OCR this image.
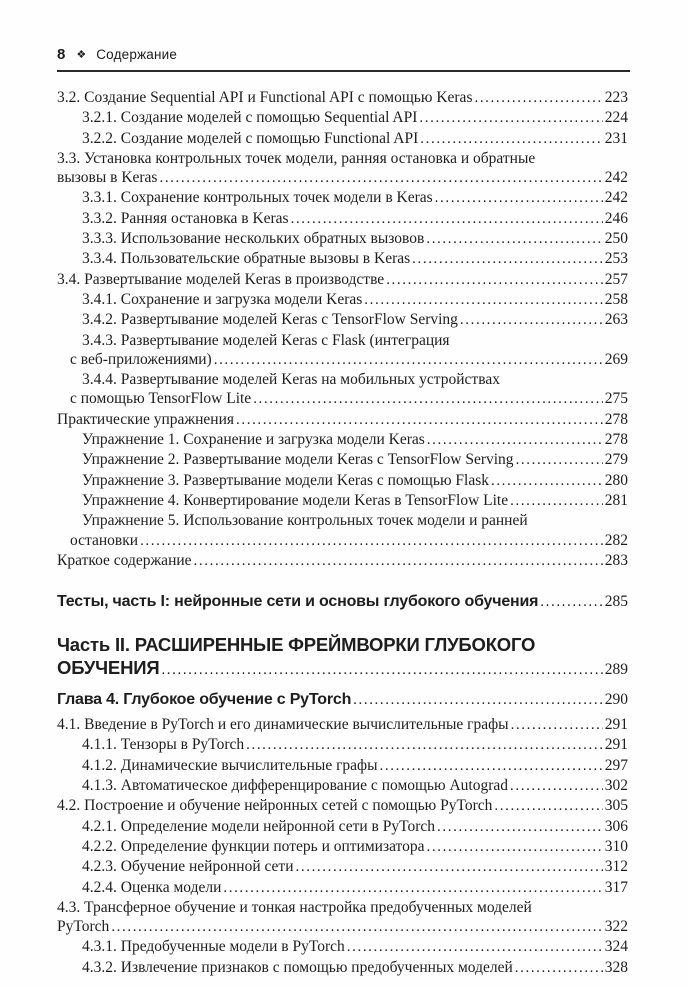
8 ❖ Содержание
3.2. Создание Sequential API и Functional API с помощью Keras .....	223
3.2.1. Создание моделей с помощью Sequential API .....	224
3.2.2. Создание моделей с помощью Functional API .....	231
3.3. Установка контрольных точек модели, ранняя остановка и обратные
вызовы в Keras .....	242
3.3.1. Сохранение контрольных точек модели в Keras .....	242
3.3.2. Ранняя остановка в Keras .....	246
3.3.3. Использование нескольких обратных вызовов .....	250
3.3.4. Пользовательские обратные вызовы в Keras .....	253
3.4. Развертывание моделей Keras в производстве .....	257
3.4.1. Сохранение и загрузка модели Keras .....	258
3.4.2. Развертывание моделей Keras с TensorFlow Serving .....	263
3.4.3. Развертывание моделей Keras с Flask (интеграция
с веб-приложениями) .....	269
3.4.4. Развертывание моделей Keras на мобильных устройствах
с помощью TensorFlow Lite .....	275
Практические упражнения .....	278
Упражнение 1. Сохранение и загрузка модели Keras .....	278
Упражнение 2. Развертывание модели Keras с TensorFlow Serving .....	279
Упражнение 3. Развертывание модели Keras с помощью Flask .....	280
Упражнение 4. Конвертирование модели Keras в TensorFlow Lite .....	281
Упражнение 5. Использование контрольных точек модели и ранней
остановки .....	282
Краткое содержание .....	283
Тесты, часть I: нейронные сети и основы глубокого обучения .....	285
Часть II. РАСШИРЕННЫЕ ФРЕЙМВОРКИ ГЛУБОКОГО
ОБУЧЕНИЯ .....	289
Глава 4. Глубокое обучение с PyTorch .....	290
4.1. Введение в PyTorch и его динамические вычислительные графы .....	291
4.1.1. Тензоры в PyTorch .....	291
4.1.2. Динамические вычислительные графы .....	297
4.1.3. Автоматическое дифференцирование с помощью Autograd .....	302
4.2. Построение и обучение нейронных сетей с помощью PyTorch .....	305
4.2.1. Определение модели нейронной сети в PyTorch .....	306
4.2.2. Определение функции потерь и оптимизатора .....	310
4.2.3. Обучение нейронной сети .....	312
4.2.4. Оценка модели .....	317
4.3. Трансферное обучение и тонкая настройка предобученных моделей
PyTorch .....	322
4.3.1. Предобученные модели в PyTorch .....	324
4.3.2. Извлечение признаков с помощью предобученных моделей .....	328
